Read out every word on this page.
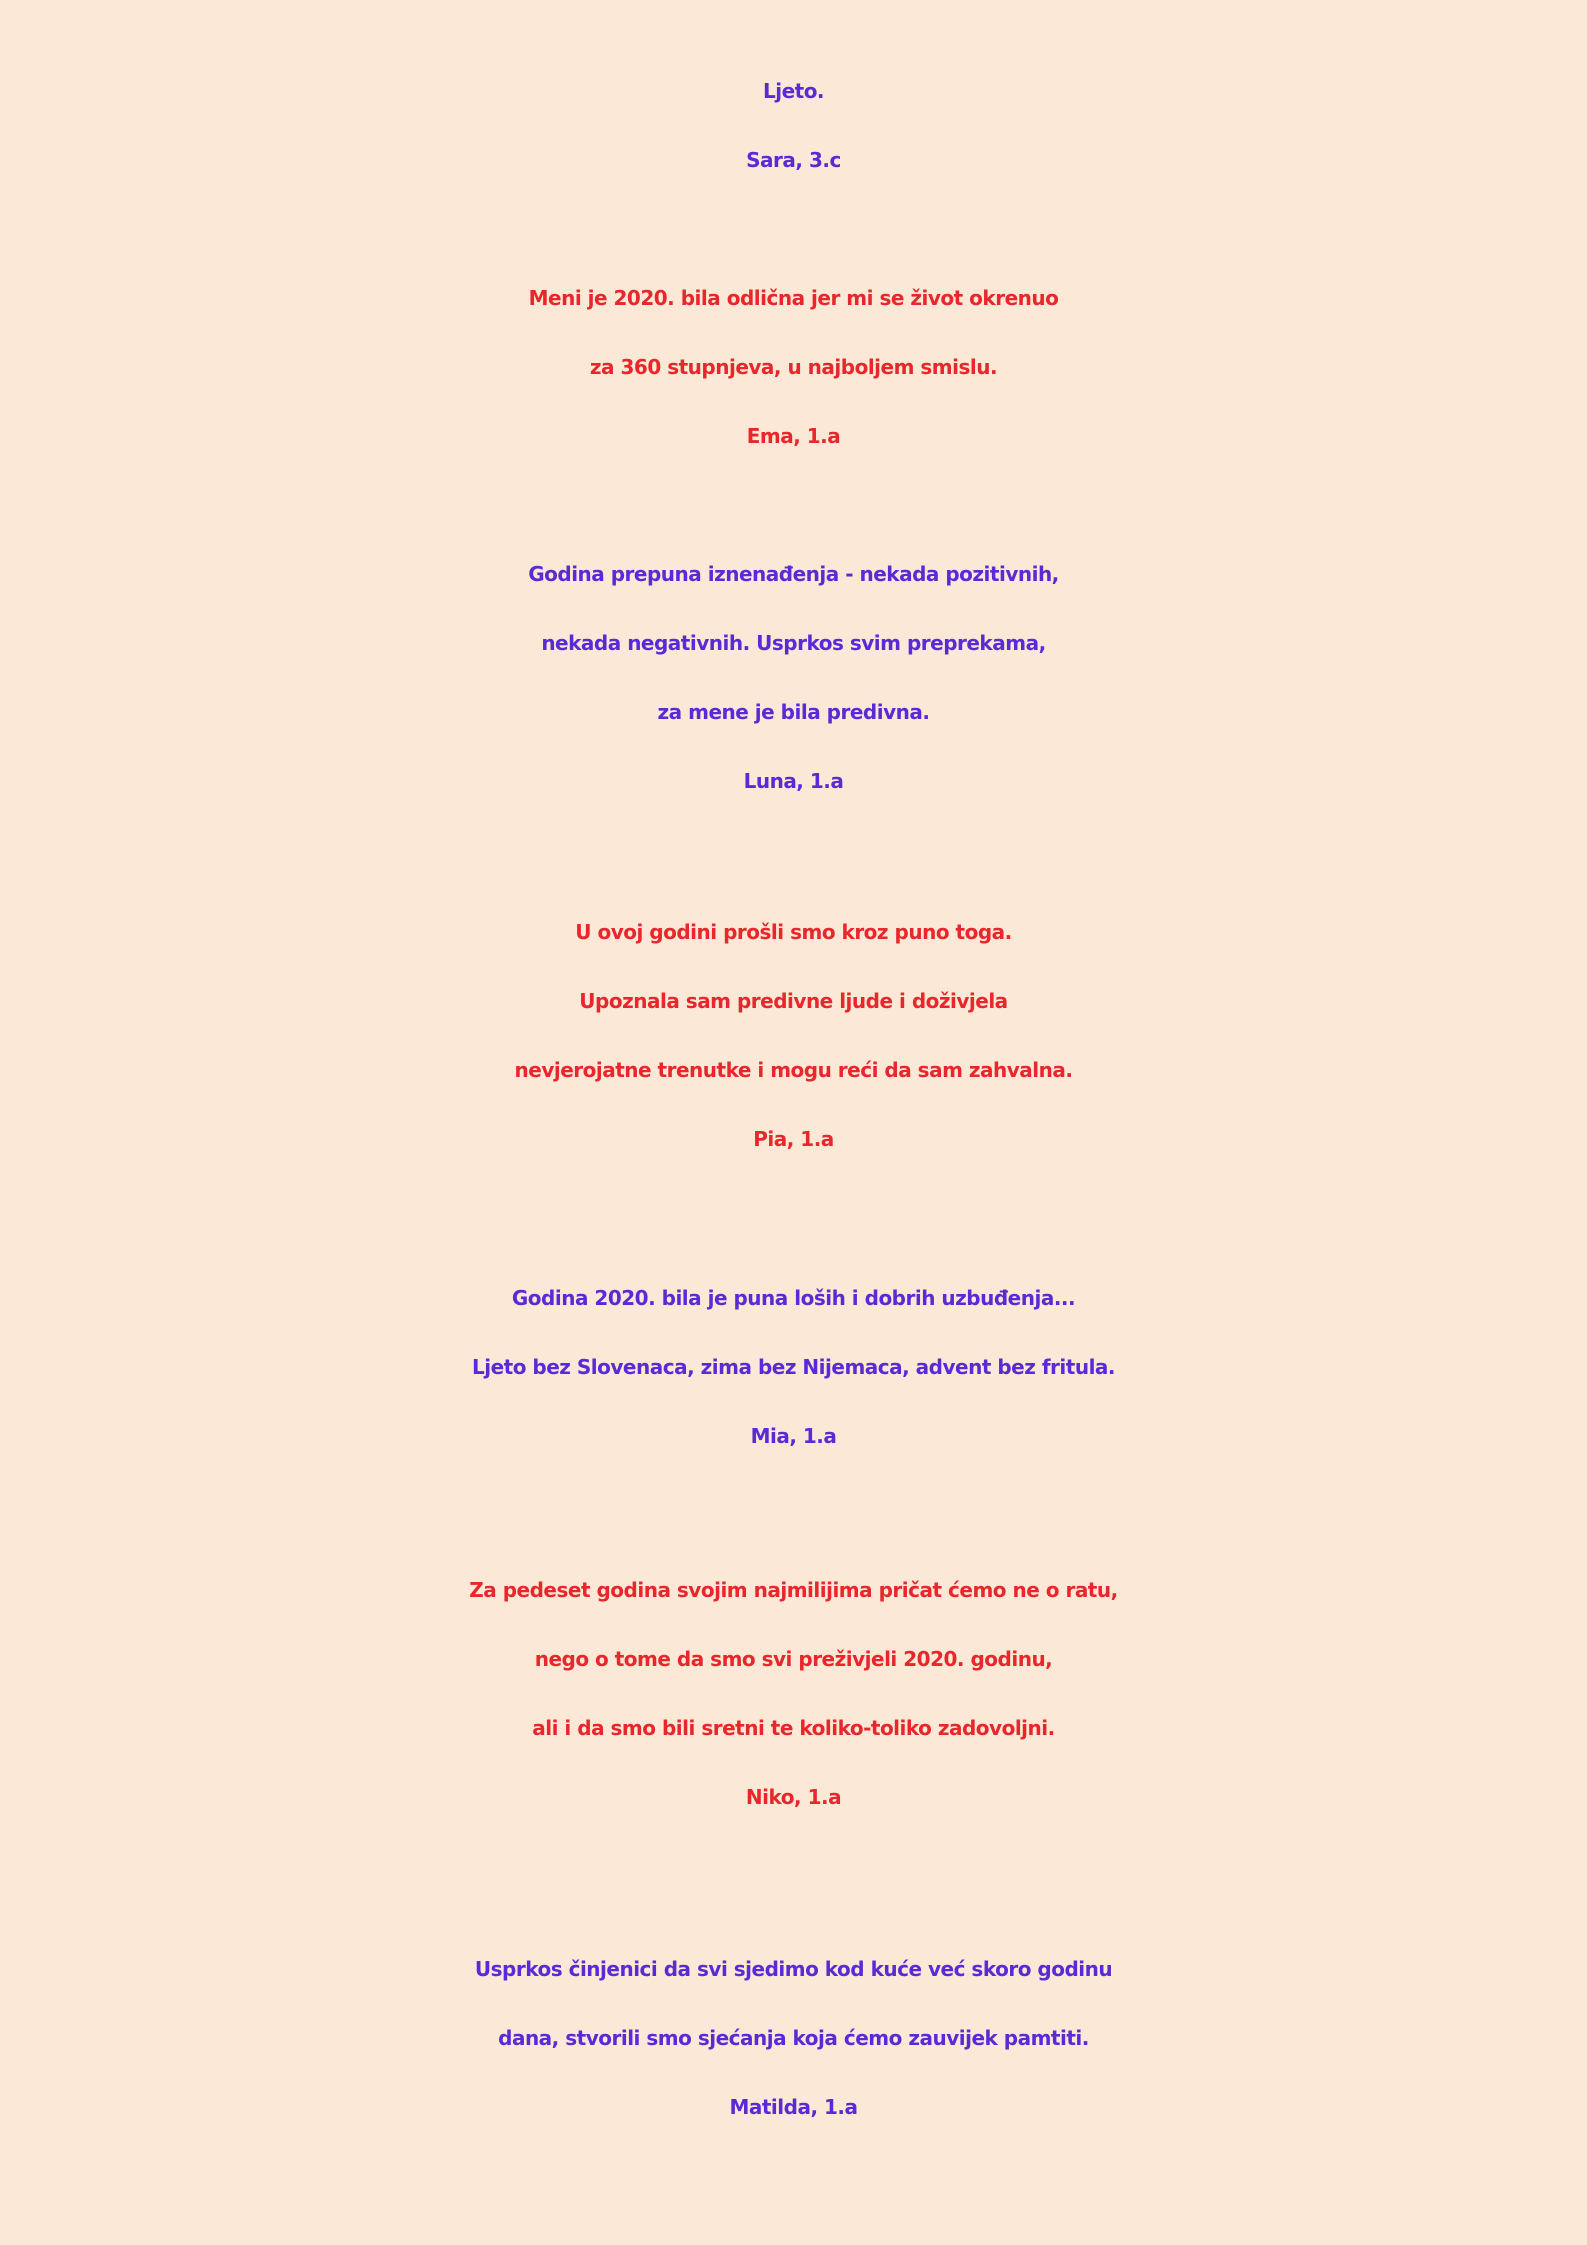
Ljeto.
Sara, 3.c
Meni je 2020. bila odlična jer mi se život okrenuo
za 360 stupnjeva, u najboljem smislu.
Ema, 1.a
Godina prepuna iznenađenja - nekada pozitivnih,
nekada negativnih. Usprkos svim preprekama,
za mene je bila predivna.
Luna, 1.a
U ovoj godini prošli smo kroz puno toga.
Upoznala sam predivne ljude i doživjela
nevjerojatne trenutke i mogu reći da sam zahvalna.
Pia, 1.a
Godina 2020. bila je puna loših i dobrih uzbuđenja...
Ljeto bez Slovenaca, zima bez Nijemaca, advent bez fritula.
Mia, 1.a
Za pedeset godina svojim najmilijima pričat ćemo ne o ratu,
nego o tome da smo svi preživjeli 2020. godinu,
ali i da smo bili sretni te koliko-toliko zadovoljni.
Niko, 1.a
Usprkos činjenici da svi sjedimo kod kuće već skoro godinu
dana, stvorili smo sjećanja koja ćemo zauvijek pamtiti.
Matilda, 1.a
